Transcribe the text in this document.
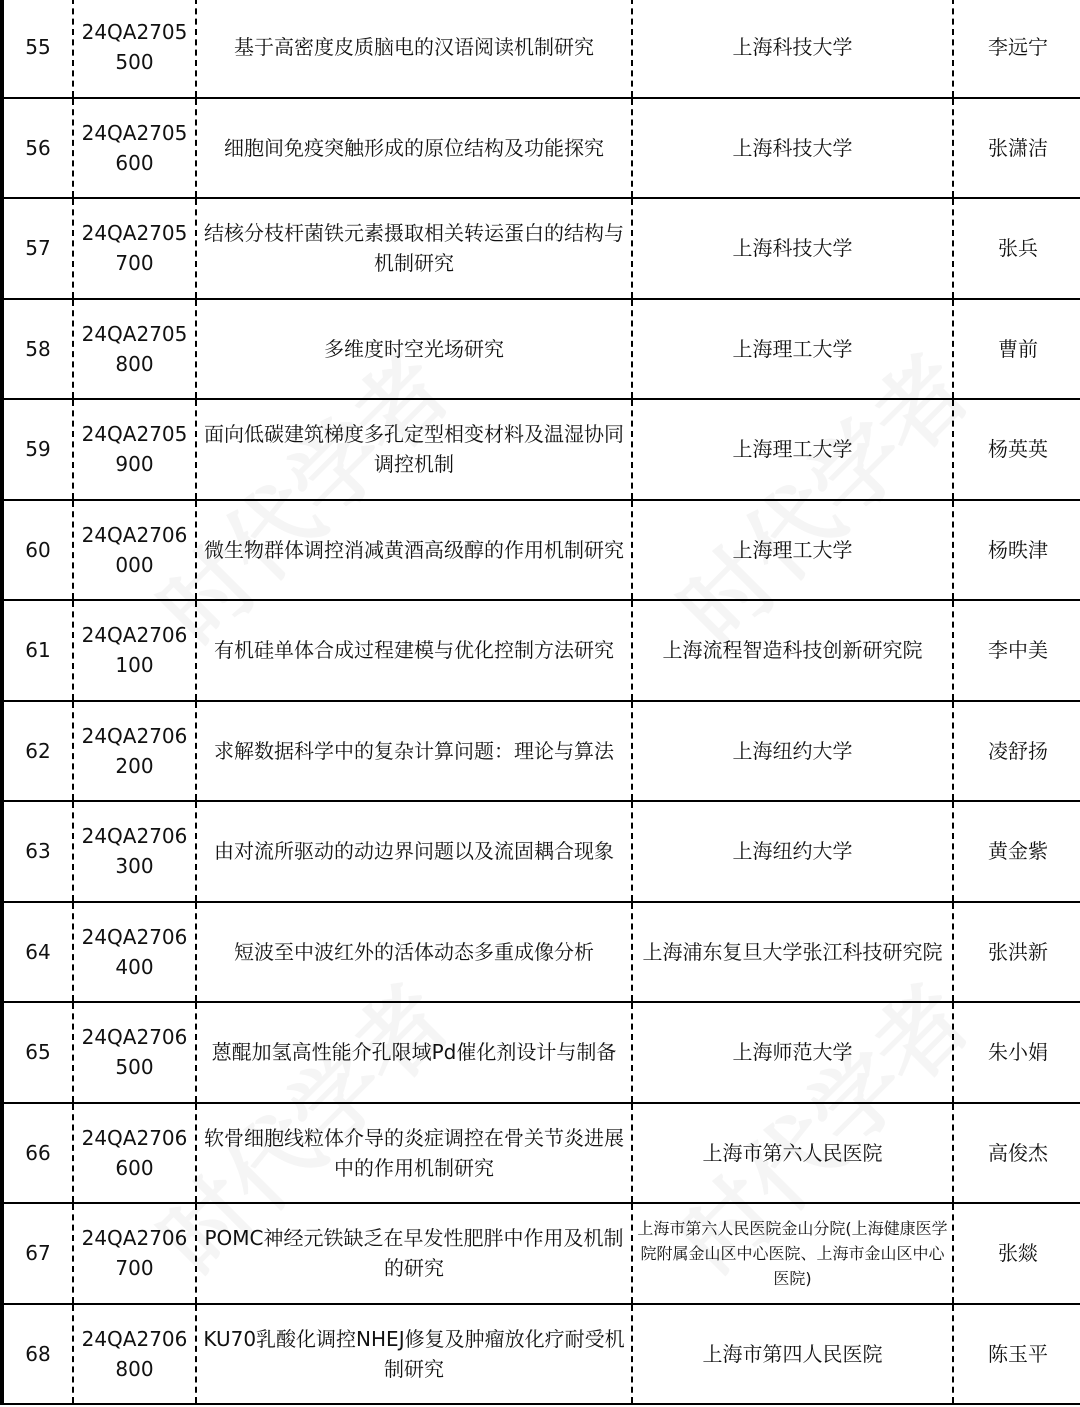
55	24QA2705500	基于高密度皮质脑电的汉语阅读机制研究	上海科技大学	李远宁
56	24QA2705600	细胞间免疫突触形成的原位结构及功能探究	上海科技大学	张潇洁
57	24QA2705700	结核分枝杆菌铁元素摄取相关转运蛋白的结构与机制研究	上海科技大学	张兵
58	24QA2705800	多维度时空光场研究	上海理工大学	曹前
59	24QA2705900	面向低碳建筑梯度多孔定型相变材料及温湿协同调控机制	上海理工大学	杨英英
60	24QA2706000	微生物群体调控消减黄酒高级醇的作用机制研究	上海理工大学	杨昳津
61	24QA2706100	有机硅单体合成过程建模与优化控制方法研究	上海流程智造科技创新研究院	李中美
62	24QA2706200	求解数据科学中的复杂计算问题：理论与算法	上海纽约大学	凌舒扬
63	24QA2706300	由对流所驱动的动边界问题以及流固耦合现象	上海纽约大学	黄金紫
64	24QA2706400	短波至中波红外的活体动态多重成像分析	上海浦东复旦大学张江科技研究院	张洪新
65	24QA2706500	蒽醌加氢高性能介孔限域Pd催化剂设计与制备	上海师范大学	朱小娟
66	24QA2706600	软骨细胞线粒体介导的炎症调控在骨关节炎进展中的作用机制研究	上海市第六人民医院	高俊杰
67	24QA2706700	POMC神经元铁缺乏在早发性肥胖中作用及机制的研究	上海市第六人民医院金山分院(上海健康医学院附属金山区中心医院、上海市金山区中心医院)	张燚
68	24QA2706800	KU70乳酸化调控NHEJ修复及肿瘤放化疗耐受机制研究	上海市第四人民医院	陈玉平
